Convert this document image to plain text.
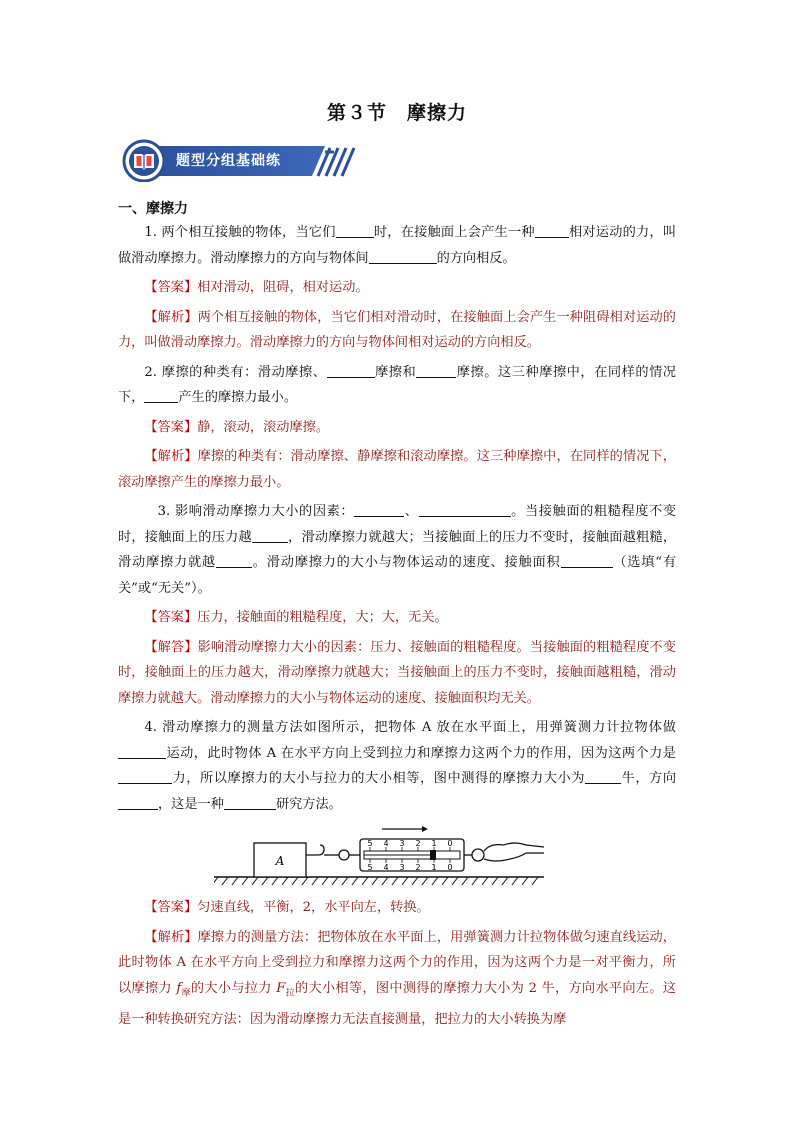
第３节　摩擦力
题型分组基础练
一、摩擦力

1. 两个相互接触的物体，当它们	时，在接触面上会产生一种	相对运动的力，叫做滑动摩擦力。滑动摩擦力的方向与物体间	的方向相反。

【答案】相对滑动，阻碍，相对运动。

【解析】两个相互接触的物体，当它们相对滑动时，在接触面上会产生一种阻碍相对运动的力，叫做滑动摩擦力。滑动摩擦力的方向与物体间相对运动的方向相反。

2. 摩擦的种类有：滑动摩擦、	摩擦和	摩擦。这三种摩擦中，在同样的情况下，	产生的摩擦力最小。

【答案】静，滚动，滚动摩擦。

【解析】摩擦的种类有：滑动摩擦、静摩擦和滚动摩擦。这三种摩擦中，在同样的情况下，滚动摩擦产生的摩擦力最小。

3. 影响滑动摩擦力大小的因素：	、	。当接触面的粗糙程度不变时，接触面上的压力越	，滑动摩擦力就越大；当接触面上的压力不变时，接触面越粗糙，滑动摩擦力就越	。滑动摩擦力的大小与物体运动的速度、接触面积	（选填“有关”或“无关”）。

【答案】压力，接触面的粗糙程度，大；大，无关。

【解答】影响滑动摩擦力大小的因素：压力、接触面的粗糙程度。当接触面的粗糙程度不变时，接触面上的压力越大，滑动摩擦力就越大；当接触面上的压力不变时，接触面越粗糙，滑动摩擦力就越大。滑动摩擦力的大小与物体运动的速度、接触面积均无关。

4. 滑动摩擦力的测量方法如图所示，把物体 A 放在水平面上，用弹簧测力计拉物体做运动，此时物体 A 在水平方向上受到拉力和摩擦力这两个力的作用，因为这两个力是力，所以摩擦力的大小与拉力的大小相等，图中测得的摩擦力大小为	牛，方向，这是一种	研究方法。

A
5 4 3 2 1 0
5 4 3 2 1 0

【答案】匀速直线，平衡，2，水平向左，转换。

【解析】摩擦力的测量方法：把物体放在水平面上，用弹簧测力计拉物体做匀速直线运动，此时物体 A 在水平方向上受到拉力和摩擦力这两个力的作用，因为这两个力是一对平衡力，所以摩擦力 $f_摩$的大小与拉力 $F_拉$的大小相等，图中测得的摩擦力大小为 2 牛，方向水平向左。这是一种转换研究方法：因为滑动摩擦力无法直接测量，把拉力的大小转换为摩
